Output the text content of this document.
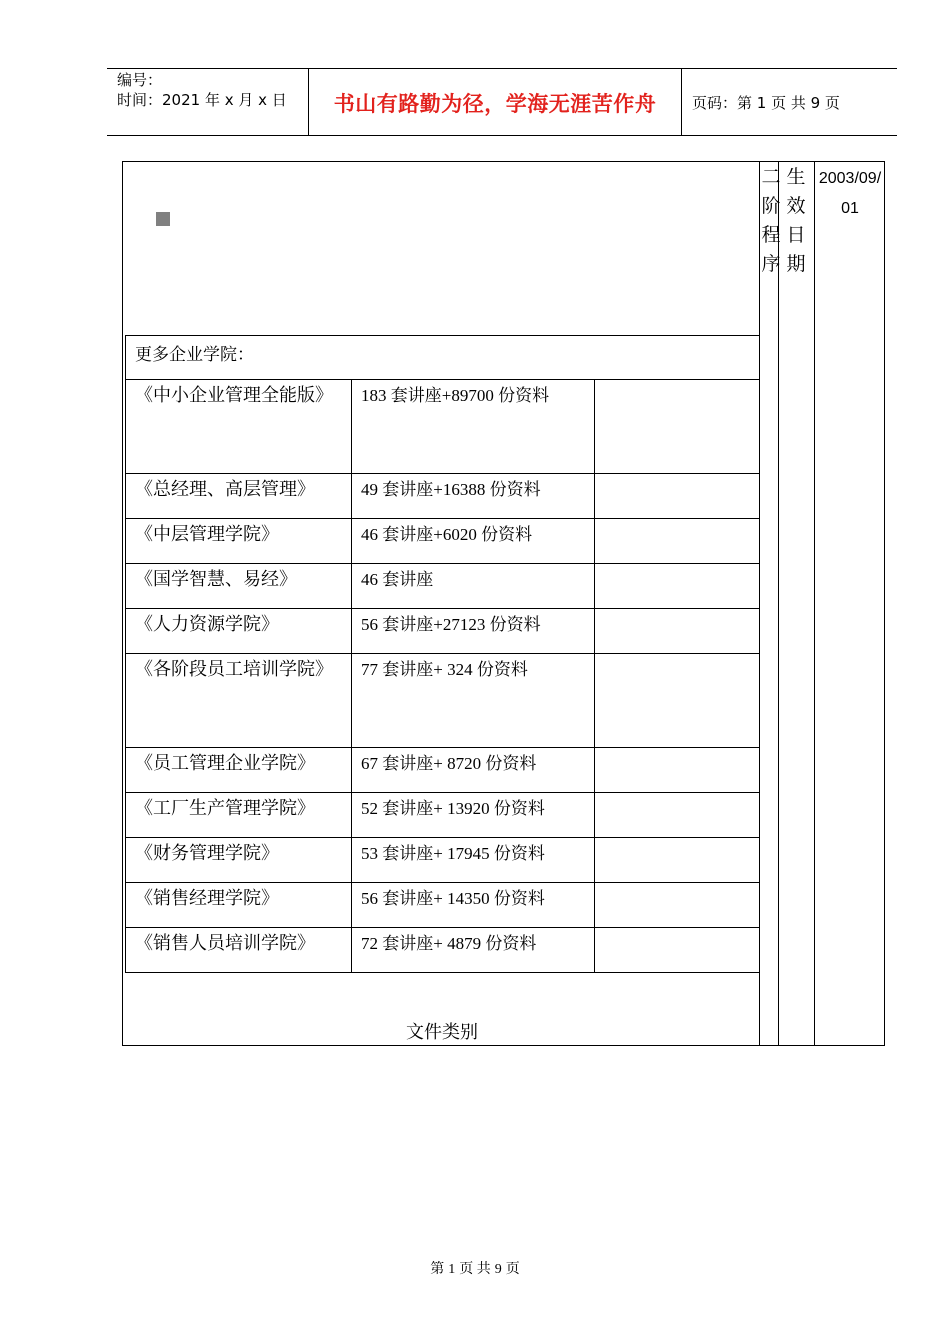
编号：
时间：2021 年 x 月 x 日	书山有路勤为径，学海无涯苦作舟	页码：第 1 页 共 9 页
二
阶
程
序
生
效
日
期
2003/09/
01
更多企业学院：
《中小企业管理全能版》	183 套讲座+89700 份资料
《总经理、高层管理》	49 套讲座+16388 份资料
《中层管理学院》	46 套讲座+6020 份资料
《国学智慧、易经》	46 套讲座
《人力资源学院》	56 套讲座+27123 份资料
《各阶段员工培训学院》	77 套讲座+ 324 份资料
《员工管理企业学院》	67 套讲座+ 8720 份资料
《工厂生产管理学院》	52 套讲座+ 13920 份资料
《财务管理学院》	53 套讲座+ 17945 份资料
《销售经理学院》	56 套讲座+ 14350 份资料
《销售人员培训学院》	72 套讲座+ 4879 份资料
文件类别
第 1 页 共 9 页
